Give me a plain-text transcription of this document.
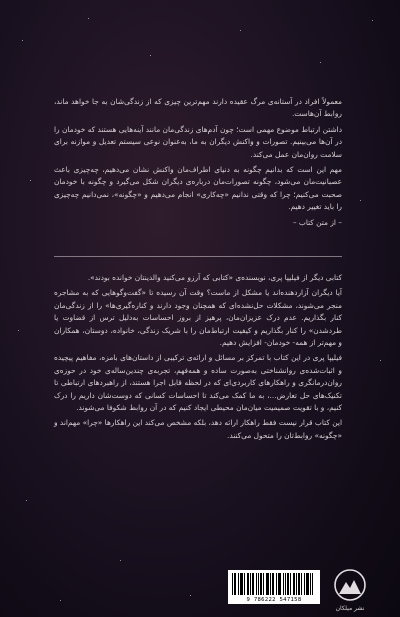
معمولاً افراد در آستانه‌ی مرگ عقیده دارند مهم‌ترین چیزی که از زندگی‌شان به جا خواهد ماند، روابط آن‌هاست.

داشتن ارتباط موضوع مهمی است؛ چون آدم‌های زندگی‌مان مانند آینه‌هایی هستند که خودمان را در آن‌ها می‌بینیم. تصورات و واکنش دیگران به ما، به‌عنوان نوعی سیستم تعدیل و موازنه برای سلامت روان‌مان عمل می‌کند.

مهم این است که بدانیم چگونه به دنیای اطراف‌مان واکنش نشان می‌دهیم، چه‌چیزی باعث عصبانیت‌مان می‌شود، چگونه تصورات‌مان دربار‌ه‌ی دیگران شکل می‌گیرد و چگونه با خودمان صحبت می‌کنیم؛ چرا که وقتی ندانیم «چه‌کاری» انجام می‌دهیم و «چگونه»، نمی‌دانیم چه‌چیزی را باید تغییر دهیم.

– از متن کتاب –

کتابی دیگر از فیلیپا پری، نویسنده‌ی «کتابی که آرزو می‌کنید والدینتان خوانده بودند».

آیا دیگران آزاردهنده‌اند یا مشکل از ماست؟ وقت آن رسیده تا «گفت‌وگوهایی که به مشاجره منجر می‌شوند، مشکلات حل‌نشده‌ای که همچنان وجود دارند و کناره‌گیری‌ها» را از زندگی‌مان کنار بگذاریم. عدم درک عزیزان‌مان، پرهیز از بروز احساسات به‌دلیل ترس از قضاوت یا طردشدن» را کنار بگذاریم و کیفیت ارتباط‌مان را با شریک زندگی، خانواده، دوستان، همکاران و مهم‌تر از همه- خودمان- افزایش دهیم.

فیلیپا پری در این کتاب با تمرکز بر مسائل و ارائه‌ی ترکیبی از داستان‌های بامزه، مفاهیم پیچیده و اثبات‌شده‌ی روانشناختی به‌صورت ساده و همه‌فهم، تجربه‌ی چندین‌ساله‌ی خود در حوزه‌ی روان‌درمانگری و راهکارهای کاربردی‌ای که در لحظه قابل اجرا هستند، از راهبردهای ارتباطی تا تکنیک‌های حل تعارض...، به ما کمک می‌کند تا احساسات کسانی که دوست‌شان داریم را درک کنیم، و با تقویت صمیمیت میان‌مان محیطی ایجاد کنیم که در آن روابط شکوفا می‌شوند.

این کتاب قرار نیست فقط راهکار ارائه دهد، بلکه مشخص می‌کند این راهکارها «چرا» مهم‌اند و «چگونه» روابط‌تان را متحول می‌کنند.

9 786222 547158
نشر میلکان
